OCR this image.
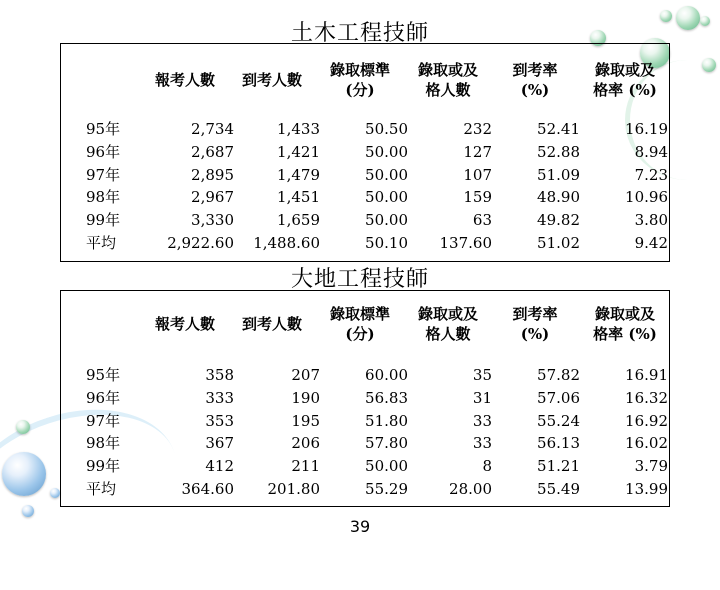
土木工程技師
報考人數	到考人數
錄取標準
(分)
錄取或及
格人數
到考率
(%)
錄取或及
格率 (%)
95年
96年
97年
98年
99年
平均
2,734
2,687
2,895
2,967
3,330
2,922.60
1,433
1,421
1,479
1,451
1,659
1,488.60
50.50
50.00
50.00
50.00
50.00
50.10
232
127
107
159
63
137.60
52.41
52.88
51.09
48.90
49.82
51.02
16.19
8.94
7.23
10.96
3.80
9.42
大地工程技師
報考人數	到考人數
錄取標準
(分)
錄取或及
格人數
到考率
(%)
錄取或及
格率 (%)
95年
96年
97年
98年
99年
平均
358
333
353
367
412
364.60
207
190
195
206
211
201.80
60.00
56.83
51.80
57.80
50.00
55.29
35
31
33
33
8
28.00
57.82
57.06
55.24
56.13
51.21
55.49
16.91
16.32
16.92
16.02
3.79
13.99
39
